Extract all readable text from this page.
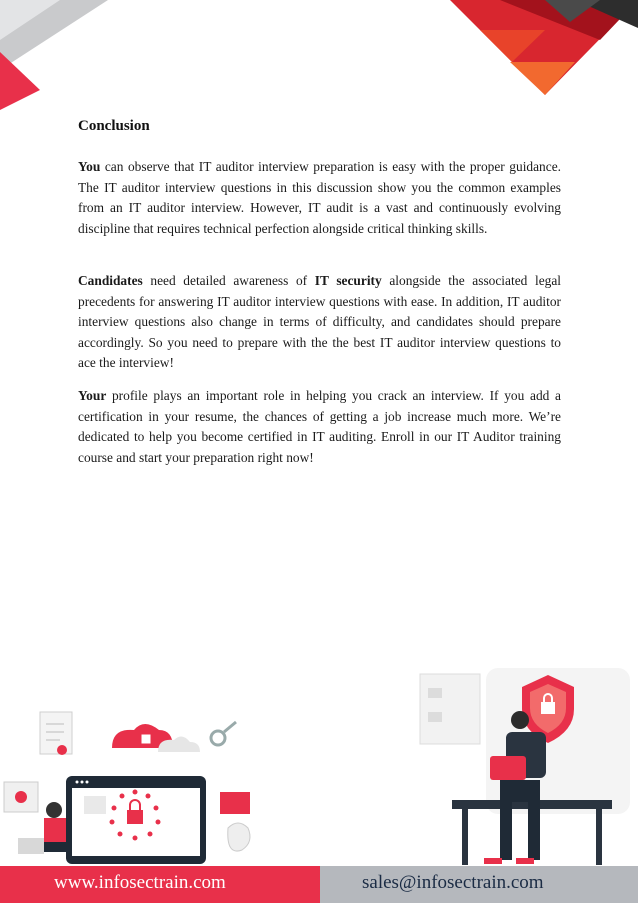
Conclusion

You can observe that IT auditor interview preparation is easy with the proper guidance. The IT auditor interview questions in this discussion show you the common examples from an IT auditor interview. However, IT audit is a vast and continuously evolving discipline that requires technical perfection alongside critical thinking skills.

Candidates need detailed awareness of IT security alongside the associated legal precedents for answering IT auditor interview questions with ease. In addition, IT auditor interview questions also change in terms of difficulty, and candidates should prepare accordingly. So you need to prepare with the the best IT auditor interview questions to ace the interview!

Your profile plays an important role in helping you crack an interview. If you add a certification in your resume, the chances of getting a job increase much more. We’re dedicated to help you become certified in IT auditing. Enroll in our IT Auditor training course and start your preparation right now!

www.infosectrain.com	sales@infosectrain.com
